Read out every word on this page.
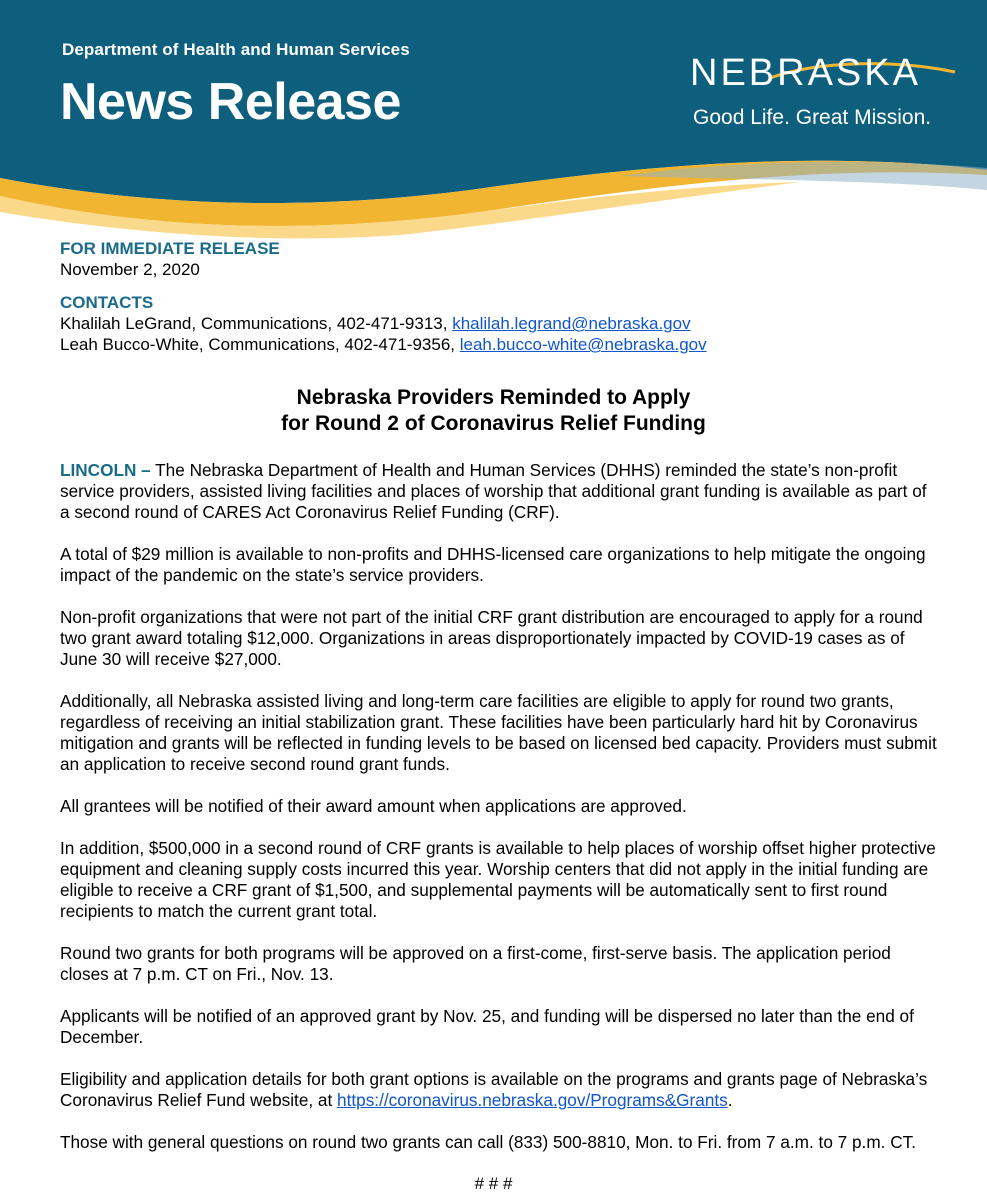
Department of Health and Human Services
News Release	NEBRASKA
Good Life. Great Mission.
FOR IMMEDIATE RELEASE
November 2, 2020
CONTACTS
Khalilah LeGrand, Communications, 402-471-9313, khalilah.legrand@nebraska.gov
Leah Bucco-White, Communications, 402-471-9356, leah.bucco-white@nebraska.gov
Nebraska Providers Reminded to Apply
for Round 2 of Coronavirus Relief Funding

LINCOLN – The Nebraska Department of Health and Human Services (DHHS) reminded the state’s non-profit service providers, assisted living facilities and places of worship that additional grant funding is available as part of a second round of CARES Act Coronavirus Relief Funding (CRF).

A total of $29 million is available to non-profits and DHHS-licensed care organizations to help mitigate the ongoing impact of the pandemic on the state’s service providers.

Non-profit organizations that were not part of the initial CRF grant distribution are encouraged to apply for a round two grant award totaling $12,000. Organizations in areas disproportionately impacted by COVID-19 cases as of June 30 will receive $27,000.

Additionally, all Nebraska assisted living and long-term care facilities are eligible to apply for round two grants, regardless of receiving an initial stabilization grant. These facilities have been particularly hard hit by Coronavirus mitigation and grants will be reflected in funding levels to be based on licensed bed capacity. Providers must submit an application to receive second round grant funds.

All grantees will be notified of their award amount when applications are approved.

In addition, $500,000 in a second round of CRF grants is available to help places of worship offset higher protective equipment and cleaning supply costs incurred this year. Worship centers that did not apply in the initial funding are eligible to receive a CRF grant of $1,500, and supplemental payments will be automatically sent to first round recipients to match the current grant total.

Round two grants for both programs will be approved on a first-come, first-serve basis. The application period closes at 7 p.m. CT on Fri., Nov. 13.

Applicants will be notified of an approved grant by Nov. 25, and funding will be dispersed no later than the end of December.

Eligibility and application details for both grant options is available on the programs and grants page of Nebraska’s Coronavirus Relief Fund website, at https://coronavirus.nebraska.gov/Programs&Grants.

Those with general questions on round two grants can call (833) 500-8810, Mon. to Fri. from 7 a.m. to 7 p.m. CT.

# # #
